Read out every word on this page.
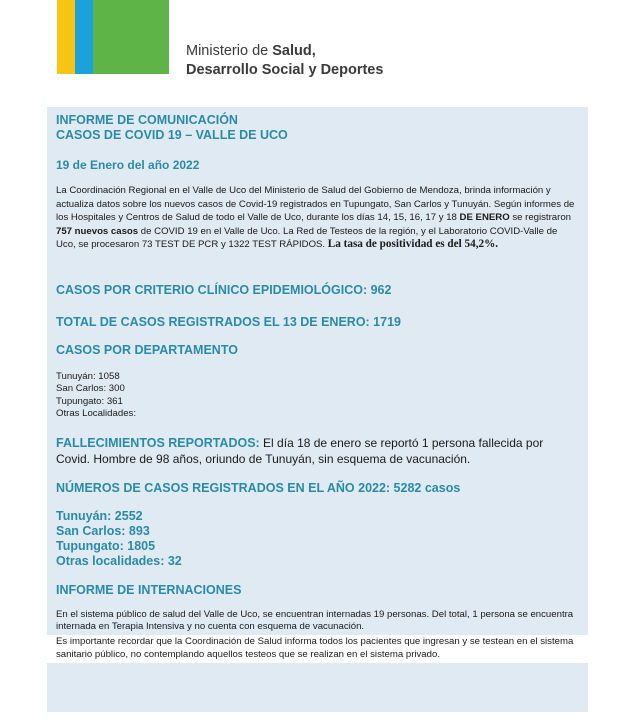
Ministerio de Salud,
Desarrollo Social y Deportes
INFORME DE COMUNICACIÓN
CASOS DE COVID 19 – VALLE DE UCO
19 de Enero del año 2022
La Coordinación Regional en el Valle de Uco del Ministerio de Salud del Gobierno de Mendoza, brinda información y actualiza datos sobre los nuevos casos de Covid-19 registrados en Tupungato, San Carlos y Tunuyán. Según informes de los Hospitales y Centros de Salud de todo el Valle de Uco, durante los días 14, 15, 16, 17 y 18 DE ENERO se registraron 757 nuevos casos de COVID 19 en el Valle de Uco. La Red de Testeos de la región, y el Laboratorio COVID-Valle de Uco, se procesaron 73 TEST DE PCR y 1322 TEST RÁPIDOS. La tasa de positividad es del 54,2%.
CASOS POR CRITERIO CLÍNICO EPIDEMIOLÓGICO: 962
TOTAL DE CASOS REGISTRADOS EL 13 DE ENERO: 1719
CASOS POR DEPARTAMENTO
Tunuyán: 1058
San Carlos: 300
Tupungato: 361
Otras Localidades:
FALLECIMIENTOS REPORTADOS: El día 18 de enero se reportó 1 persona fallecida por Covid. Hombre de 98 años, oriundo de Tunuyán, sin esquema de vacunación.
NÚMEROS DE CASOS REGISTRADOS EN EL AÑO 2022: 5282 casos
Tunuyán: 2552
San Carlos: 893
Tupungato: 1805
Otras localidades: 32
INFORME DE INTERNACIONES
En el sistema público de salud del Valle de Uco, se encuentran internadas 19 personas. Del total, 1 persona se encuentra internada en Terapia Intensiva y no cuenta con esquema de vacunación.
Es importante recordar que la Coordinación de Salud informa todos los pacientes que ingresan y se testean en el sistema sanitario público, no contemplando aquellos testeos que se realizan en el sistema privado.
